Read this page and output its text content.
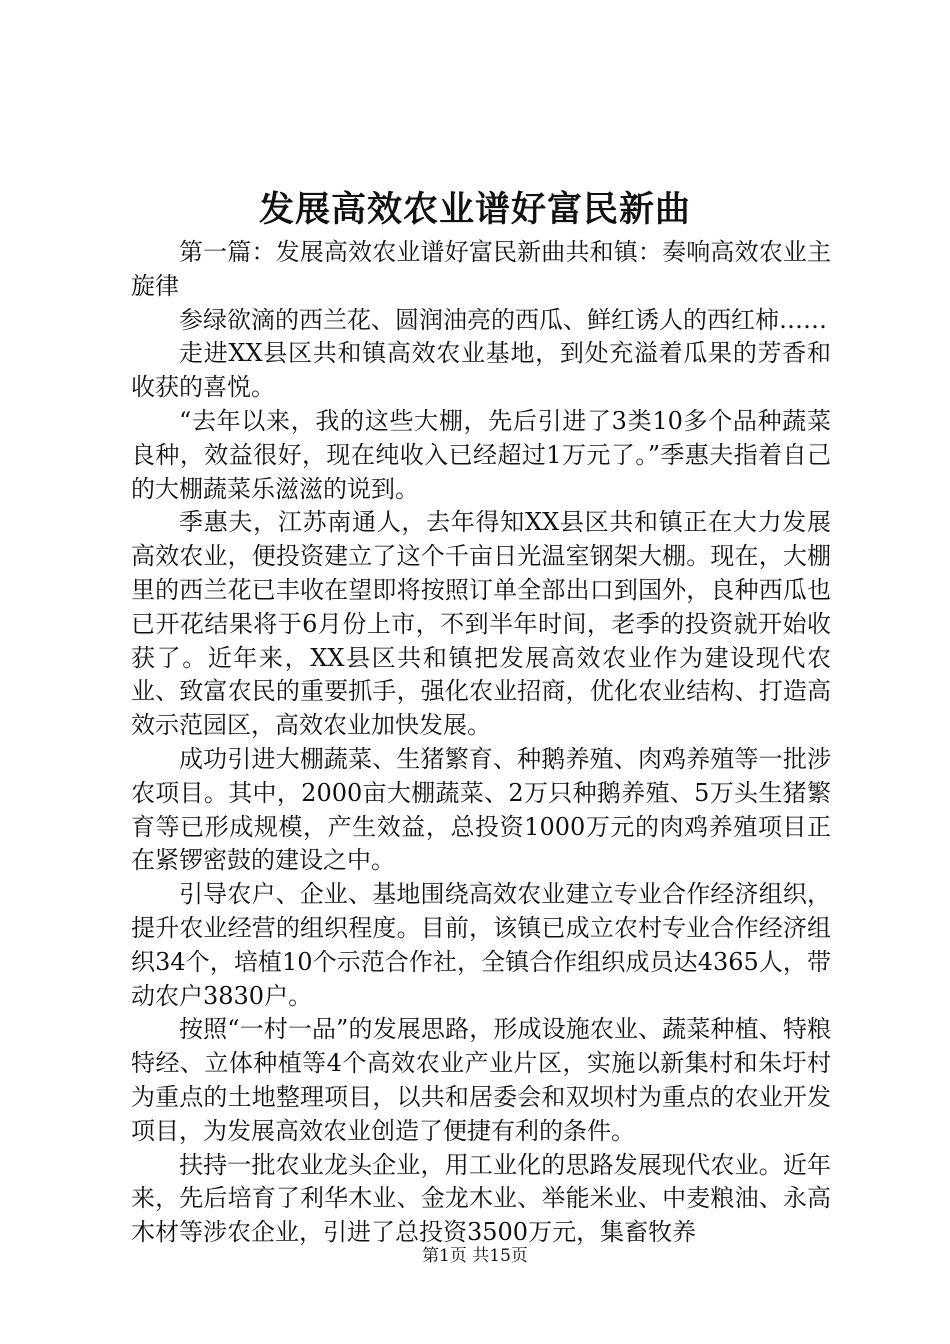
发展高效农业谱好富民新曲

第一篇：发展高效农业谱好富民新曲共和镇：奏响高效农业主旋律

参绿欲滴的西兰花、圆润油亮的西瓜、鲜红诱人的西红柿……

走进XX县区共和镇高效农业基地，到处充溢着瓜果的芳香和收获的喜悦。

“去年以来，我的这些大棚，先后引进了3类10多个品种蔬菜良种，效益很好，现在纯收入已经超过1万元了。”季惠夫指着自己的大棚蔬菜乐滋滋的说到。

季惠夫，江苏南通人，去年得知XX县区共和镇正在大力发展高效农业，便投资建立了这个千亩日光温室钢架大棚。现在，大棚里的西兰花已丰收在望即将按照订单全部出口到国外，良种西瓜也已开花结果将于6月份上市，不到半年时间，老季的投资就开始收获了。近年来，XX县区共和镇把发展高效农业作为建设现代农业、致富农民的重要抓手，强化农业招商，优化农业结构、打造高效示范园区，高效农业加快发展。

成功引进大棚蔬菜、生猪繁育、种鹅养殖、肉鸡养殖等一批涉农项目。其中，2000亩大棚蔬菜、2万只种鹅养殖、5万头生猪繁育等已形成规模，产生效益，总投资1000万元的肉鸡养殖项目正在紧锣密鼓的建设之中。

引导农户、企业、基地围绕高效农业建立专业合作经济组织，提升农业经营的组织程度。目前，该镇已成立农村专业合作经济组织34个，培植10个示范合作社，全镇合作组织成员达4365人，带动农户3830户。

按照“一村一品”的发展思路，形成设施农业、蔬菜种植、特粮特经、立体种植等4个高效农业产业片区，实施以新集村和朱圩村为重点的土地整理项目，以共和居委会和双坝村为重点的农业开发项目，为发展高效农业创造了便捷有利的条件。

扶持一批农业龙头企业，用工业化的思路发展现代农业。近年来，先后培育了利华木业、金龙木业、举能米业、中麦粮油、永高木材等涉农企业，引进了总投资3500万元，集畜牧养

第1页 共15页
